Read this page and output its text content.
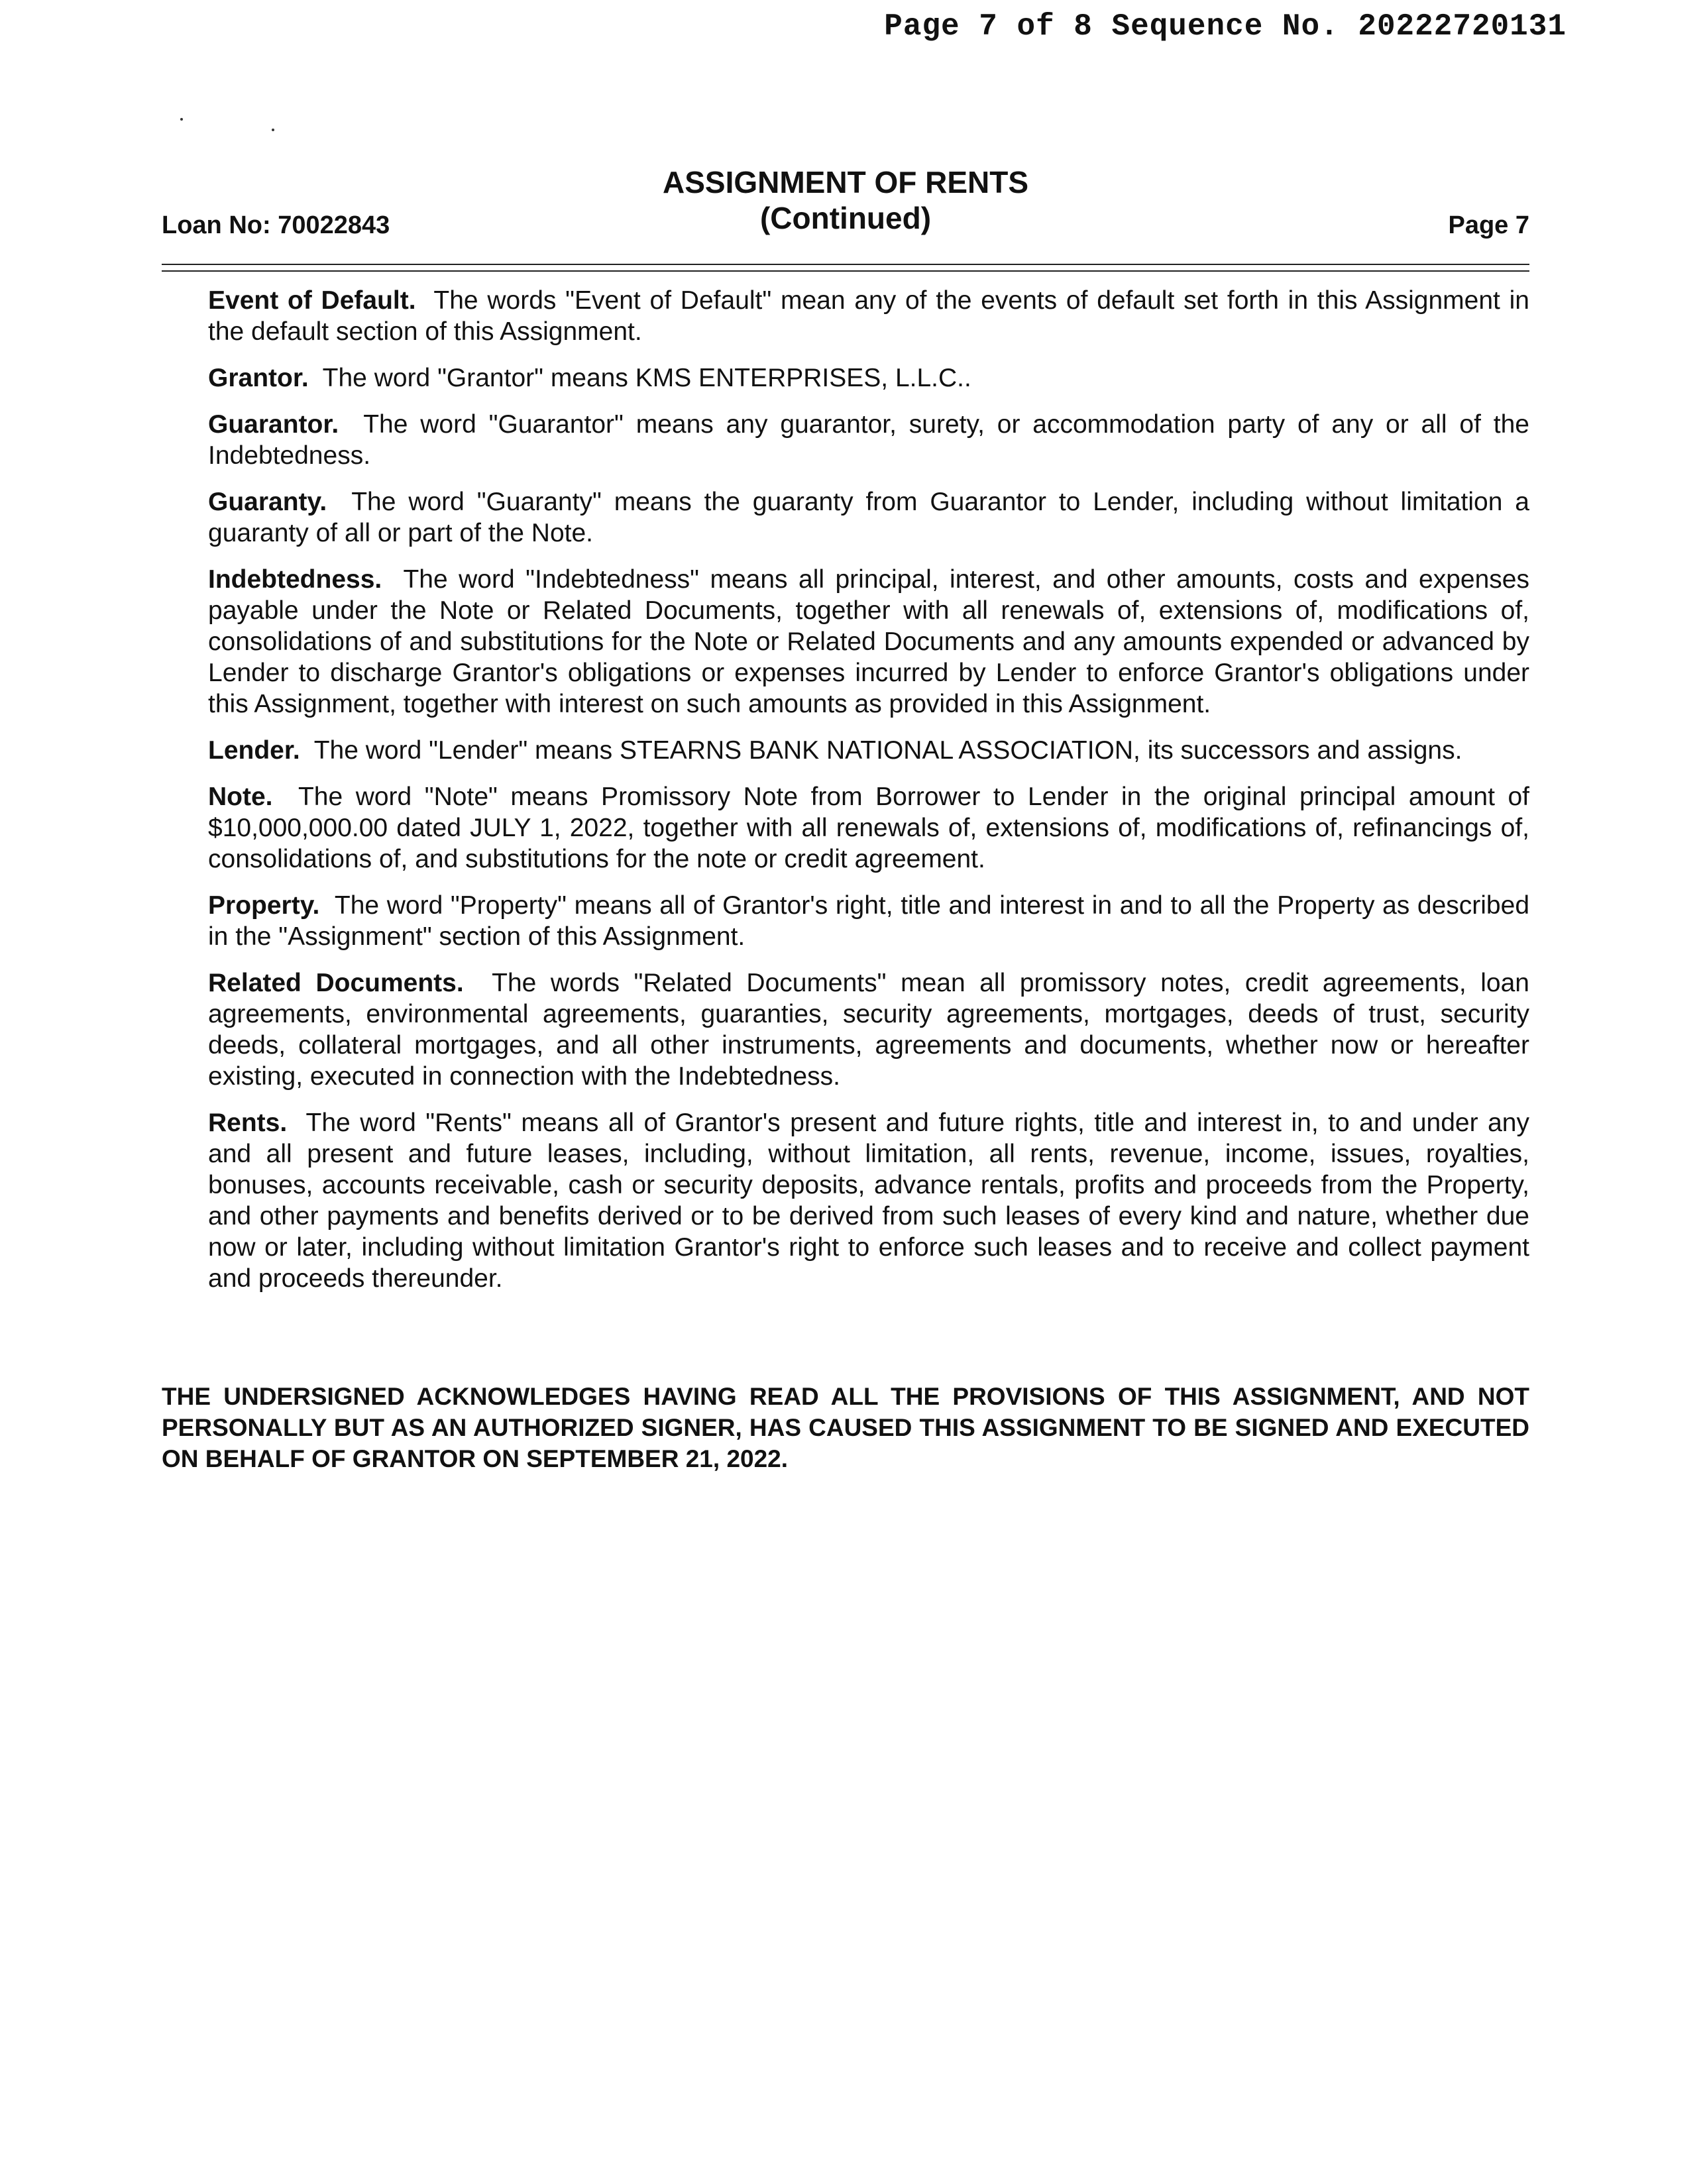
Page 7 of 8 Sequence No. 20222720131
ASSIGNMENT OF RENTS
(Continued)
Loan No: 70022843	Page 7

Event of Default. The words "Event of Default" mean any of the events of default set forth in this Assignment in the default section of this Assignment.

Grantor. The word "Grantor" means KMS ENTERPRISES, L.L.C..

Guarantor. The word "Guarantor" means any guarantor, surety, or accommodation party of any or all of the Indebtedness.

Guaranty. The word "Guaranty" means the guaranty from Guarantor to Lender, including without limitation a guaranty of all or part of the Note.

Indebtedness. The word "Indebtedness" means all principal, interest, and other amounts, costs and expenses payable under the Note or Related Documents, together with all renewals of, extensions of, modifications of, consolidations of and substitutions for the Note or Related Documents and any amounts expended or advanced by Lender to discharge Grantor's obligations or expenses incurred by Lender to enforce Grantor's obligations under this Assignment, together with interest on such amounts as provided in this Assignment.

Lender. The word "Lender" means STEARNS BANK NATIONAL ASSOCIATION, its successors and assigns.

Note. The word "Note" means Promissory Note from Borrower to Lender in the original principal amount of $10,000,000.00 dated JULY 1, 2022, together with all renewals of, extensions of, modifications of, refinancings of, consolidations of, and substitutions for the note or credit agreement.

Property. The word "Property" means all of Grantor's right, title and interest in and to all the Property as described in the "Assignment" section of this Assignment.

Related Documents. The words "Related Documents" mean all promissory notes, credit agreements, loan agreements, environmental agreements, guaranties, security agreements, mortgages, deeds of trust, security deeds, collateral mortgages, and all other instruments, agreements and documents, whether now or hereafter existing, executed in connection with the Indebtedness.

Rents. The word "Rents" means all of Grantor's present and future rights, title and interest in, to and under any and all present and future leases, including, without limitation, all rents, revenue, income, issues, royalties, bonuses, accounts receivable, cash or security deposits, advance rentals, profits and proceeds from the Property, and other payments and benefits derived or to be derived from such leases of every kind and nature, whether due now or later, including without limitation Grantor's right to enforce such leases and to receive and collect payment and proceeds thereunder.

THE UNDERSIGNED ACKNOWLEDGES HAVING READ ALL THE PROVISIONS OF THIS ASSIGNMENT, AND NOT PERSONALLY BUT AS AN AUTHORIZED SIGNER, HAS CAUSED THIS ASSIGNMENT TO BE SIGNED AND EXECUTED ON BEHALF OF GRANTOR ON SEPTEMBER 21, 2022.
